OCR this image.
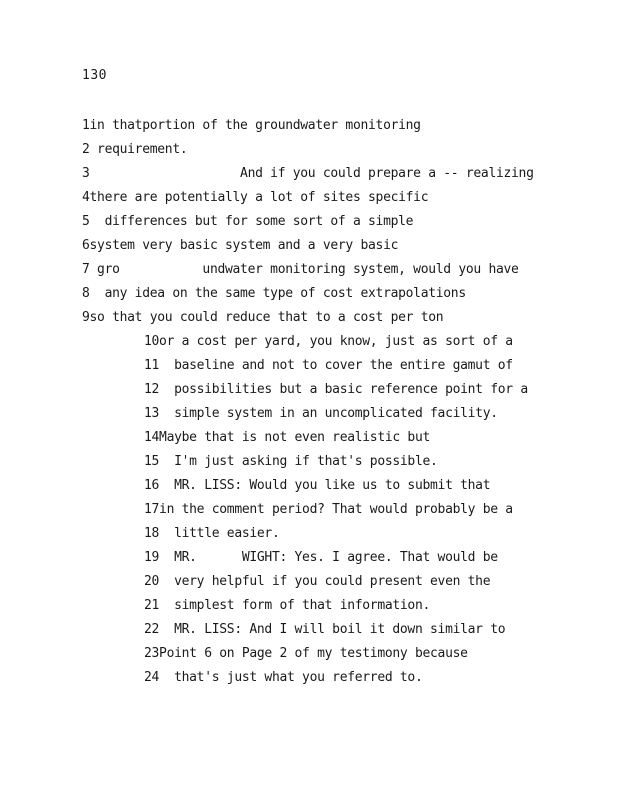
130
1in thatportion of the groundwater monitoring
2 requirement.
3                    And if you could prepare a -- realizing
4there are potentially a lot of sites specific
5  differences but for some sort of a simple
6system very basic system and a very basic
7 gro           undwater monitoring system, would you have
8  any idea on the same type of cost extrapolations
9so that you could reduce that to a cost per ton
10or a cost per yard, you know, just as sort of a
11  baseline and not to cover the entire gamut of
12  possibilities but a basic reference point for a
13  simple system in an uncomplicated facility.
14Maybe that is not even realistic but
15  I'm just asking if that's possible.
16  MR. LISS: Would you like us to submit that
17in the comment period? That would probably be a
18  little easier.
19  MR.      WIGHT: Yes. I agree. That would be
20  very helpful if you could present even the
21  simplest form of that information.
22  MR. LISS: And I will boil it down similar to
23Point 6 on Page 2 of my testimony because
24  that's just what you referred to.
